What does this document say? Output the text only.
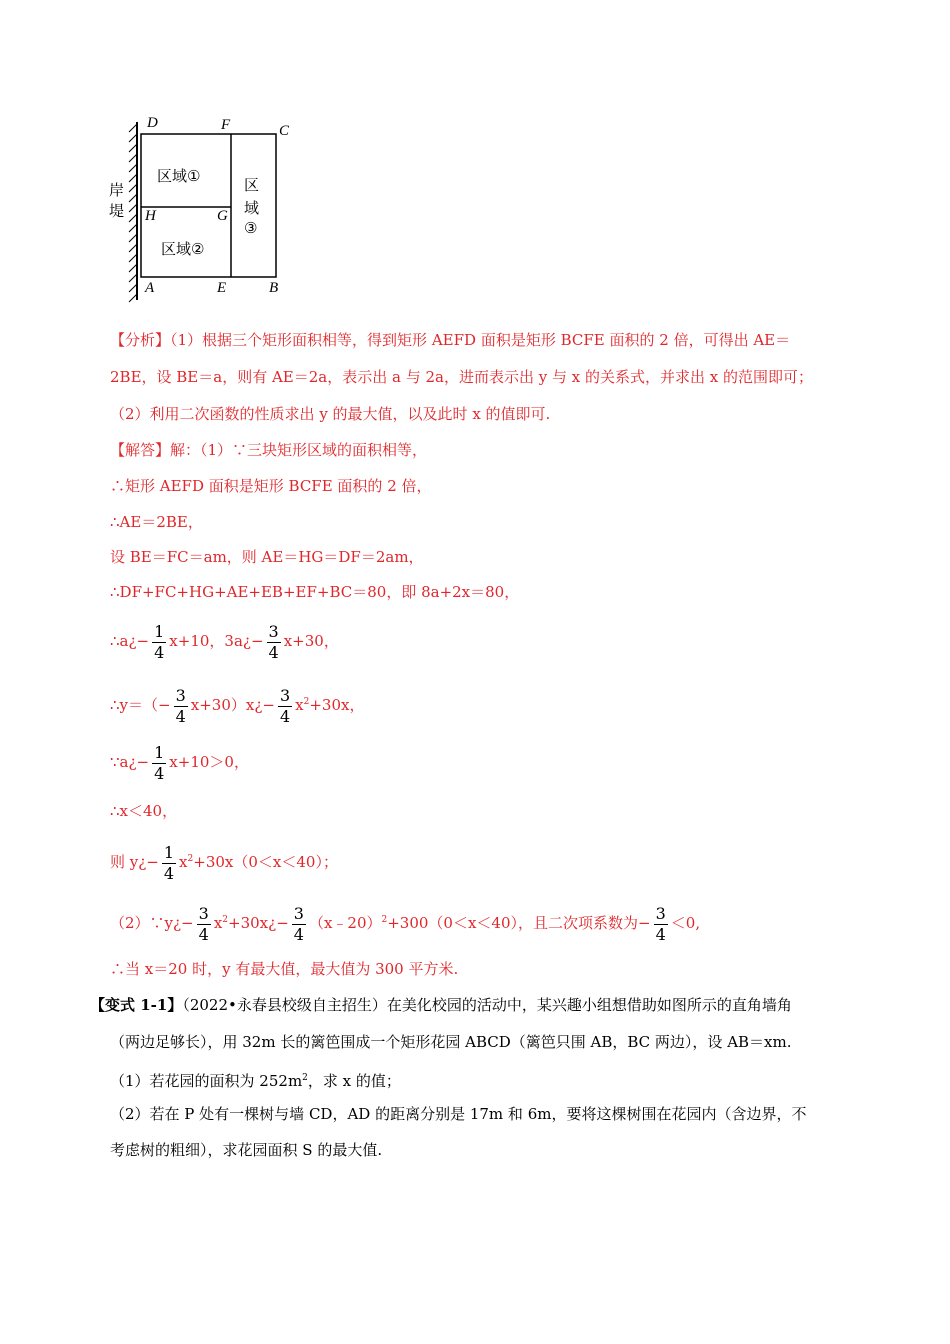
D	F	C
H	G
A	E	B
岸
堤
区域①
区域②
区
域
③
【分析】（1）根据三个矩形面积相等，得到矩形 AEFD 面积是矩形 BCFE 面积的 2 倍，可得出 AE＝
2BE，设 BE＝a，则有 AE＝2a，表示出 a 与 2a，进而表示出 y 与 x 的关系式，并求出 x 的范围即可；
（2）利用二次函数的性质求出 y 的最大值，以及此时 x 的值即可.
【解答】解：（1）∵三块矩形区域的面积相等，
∴矩形 AEFD 面积是矩形 BCFE 面积的 2 倍，
∴AE＝2BE，
设 BE＝FC＝am，则 AE＝HG＝DF＝2am，
∴DF+FC+HG+AE+EB+EF+BC＝80，即 8a+2x＝80，
∴a¿− $\frac{1}{4} x+10$，3a¿− $\frac{3}{4} x+30$，
∴y＝（− $\frac{3}{4}$ x+30）x¿− $\frac{3}{4} x^2+30x$，
∵a¿− $\frac{1}{4} x+10>0$，
∴x＜40，
则 y¿− $\frac{1}{4} x^2+30x(0<x<40)$；
（2）∵y¿− $\frac{3}{4}$ $x^2+30x¿- \frac{3}{4}$ （x﹣20）$^2$+300（0＜x＜40），且二次项系数为− $\frac{3}{4} <0$,
∴当 x＝20 时，y 有最大值，最大值为 300 平方米.
【变式 1-1】（2022•永春县校级自主招生）在美化校园的活动中，某兴趣小组想借助如图所示的直角墙角
（两边足够长），用 32m 长的篱笆围成一个矩形花园 ABCD（篱笆只围 AB，BC 两边），设 AB＝xm.
（1）若花园的面积为 $252m^2$，求 x 的值；
（2）若在 P 处有一棵树与墙 CD，AD 的距离分别是 17m 和 6m，要将这棵树围在花园内（含边界，不
考虑树的粗细），求花园面积 S 的最大值.
